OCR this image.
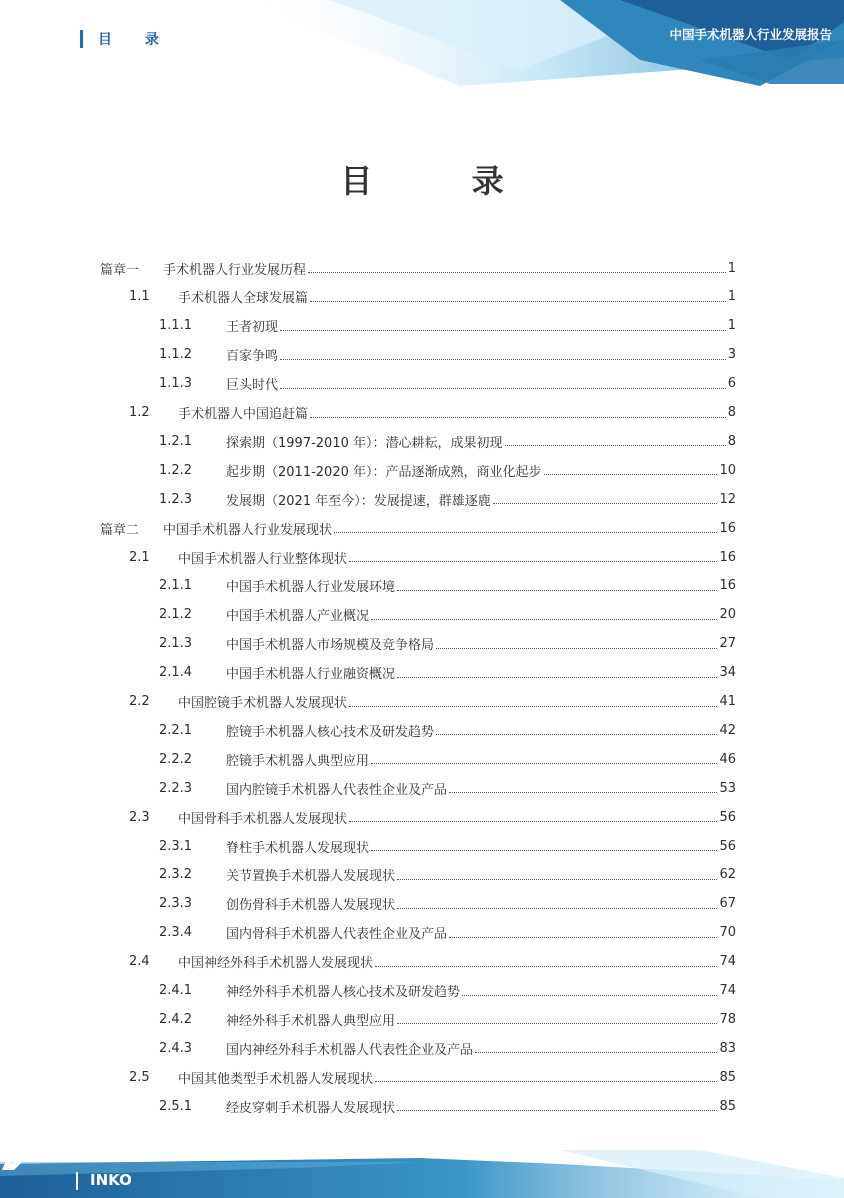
目 录	中国手术机器人行业发展报告
目 录
篇章一	手术机器人行业发展历程	1
1.1	手术机器人全球发展篇	1
1.1.1	王者初现	1
1.1.2	百家争鸣	3
1.1.3	巨头时代	6
1.2	手术机器人中国追赶篇	8
1.2.1	探索期（1997-2010 年）：潜心耕耘，成果初现	8
1.2.2	起步期（2011-2020 年）：产品逐渐成熟，商业化起步	10
1.2.3	发展期（2021 年至今）：发展提速，群雄逐鹿	12
篇章二	中国手术机器人行业发展现状	16
2.1	中国手术机器人行业整体现状	16
2.1.1	中国手术机器人行业发展环境	16
2.1.2	中国手术机器人产业概况	20
2.1.3	中国手术机器人市场规模及竞争格局	27
2.1.4	中国手术机器人行业融资概况	34
2.2	中国腔镜手术机器人发展现状	41
2.2.1	腔镜手术机器人核心技术及研发趋势	42
2.2.2	腔镜手术机器人典型应用	46
2.2.3	国内腔镜手术机器人代表性企业及产品	53
2.3	中国骨科手术机器人发展现状	56
2.3.1	脊柱手术机器人发展现状	56
2.3.2	关节置换手术机器人发展现状	62
2.3.3	创伤骨科手术机器人发展现状	67
2.3.4	国内骨科手术机器人代表性企业及产品	70
2.4	中国神经外科手术机器人发展现状	74
2.4.1	神经外科手术机器人核心技术及研发趋势	74
2.4.2	神经外科手术机器人典型应用	78
2.4.3	国内神经外科手术机器人代表性企业及产品	83
2.5	中国其他类型手术机器人发展现状	85
2.5.1	经皮穿刺手术机器人发展现状	85
INKO
